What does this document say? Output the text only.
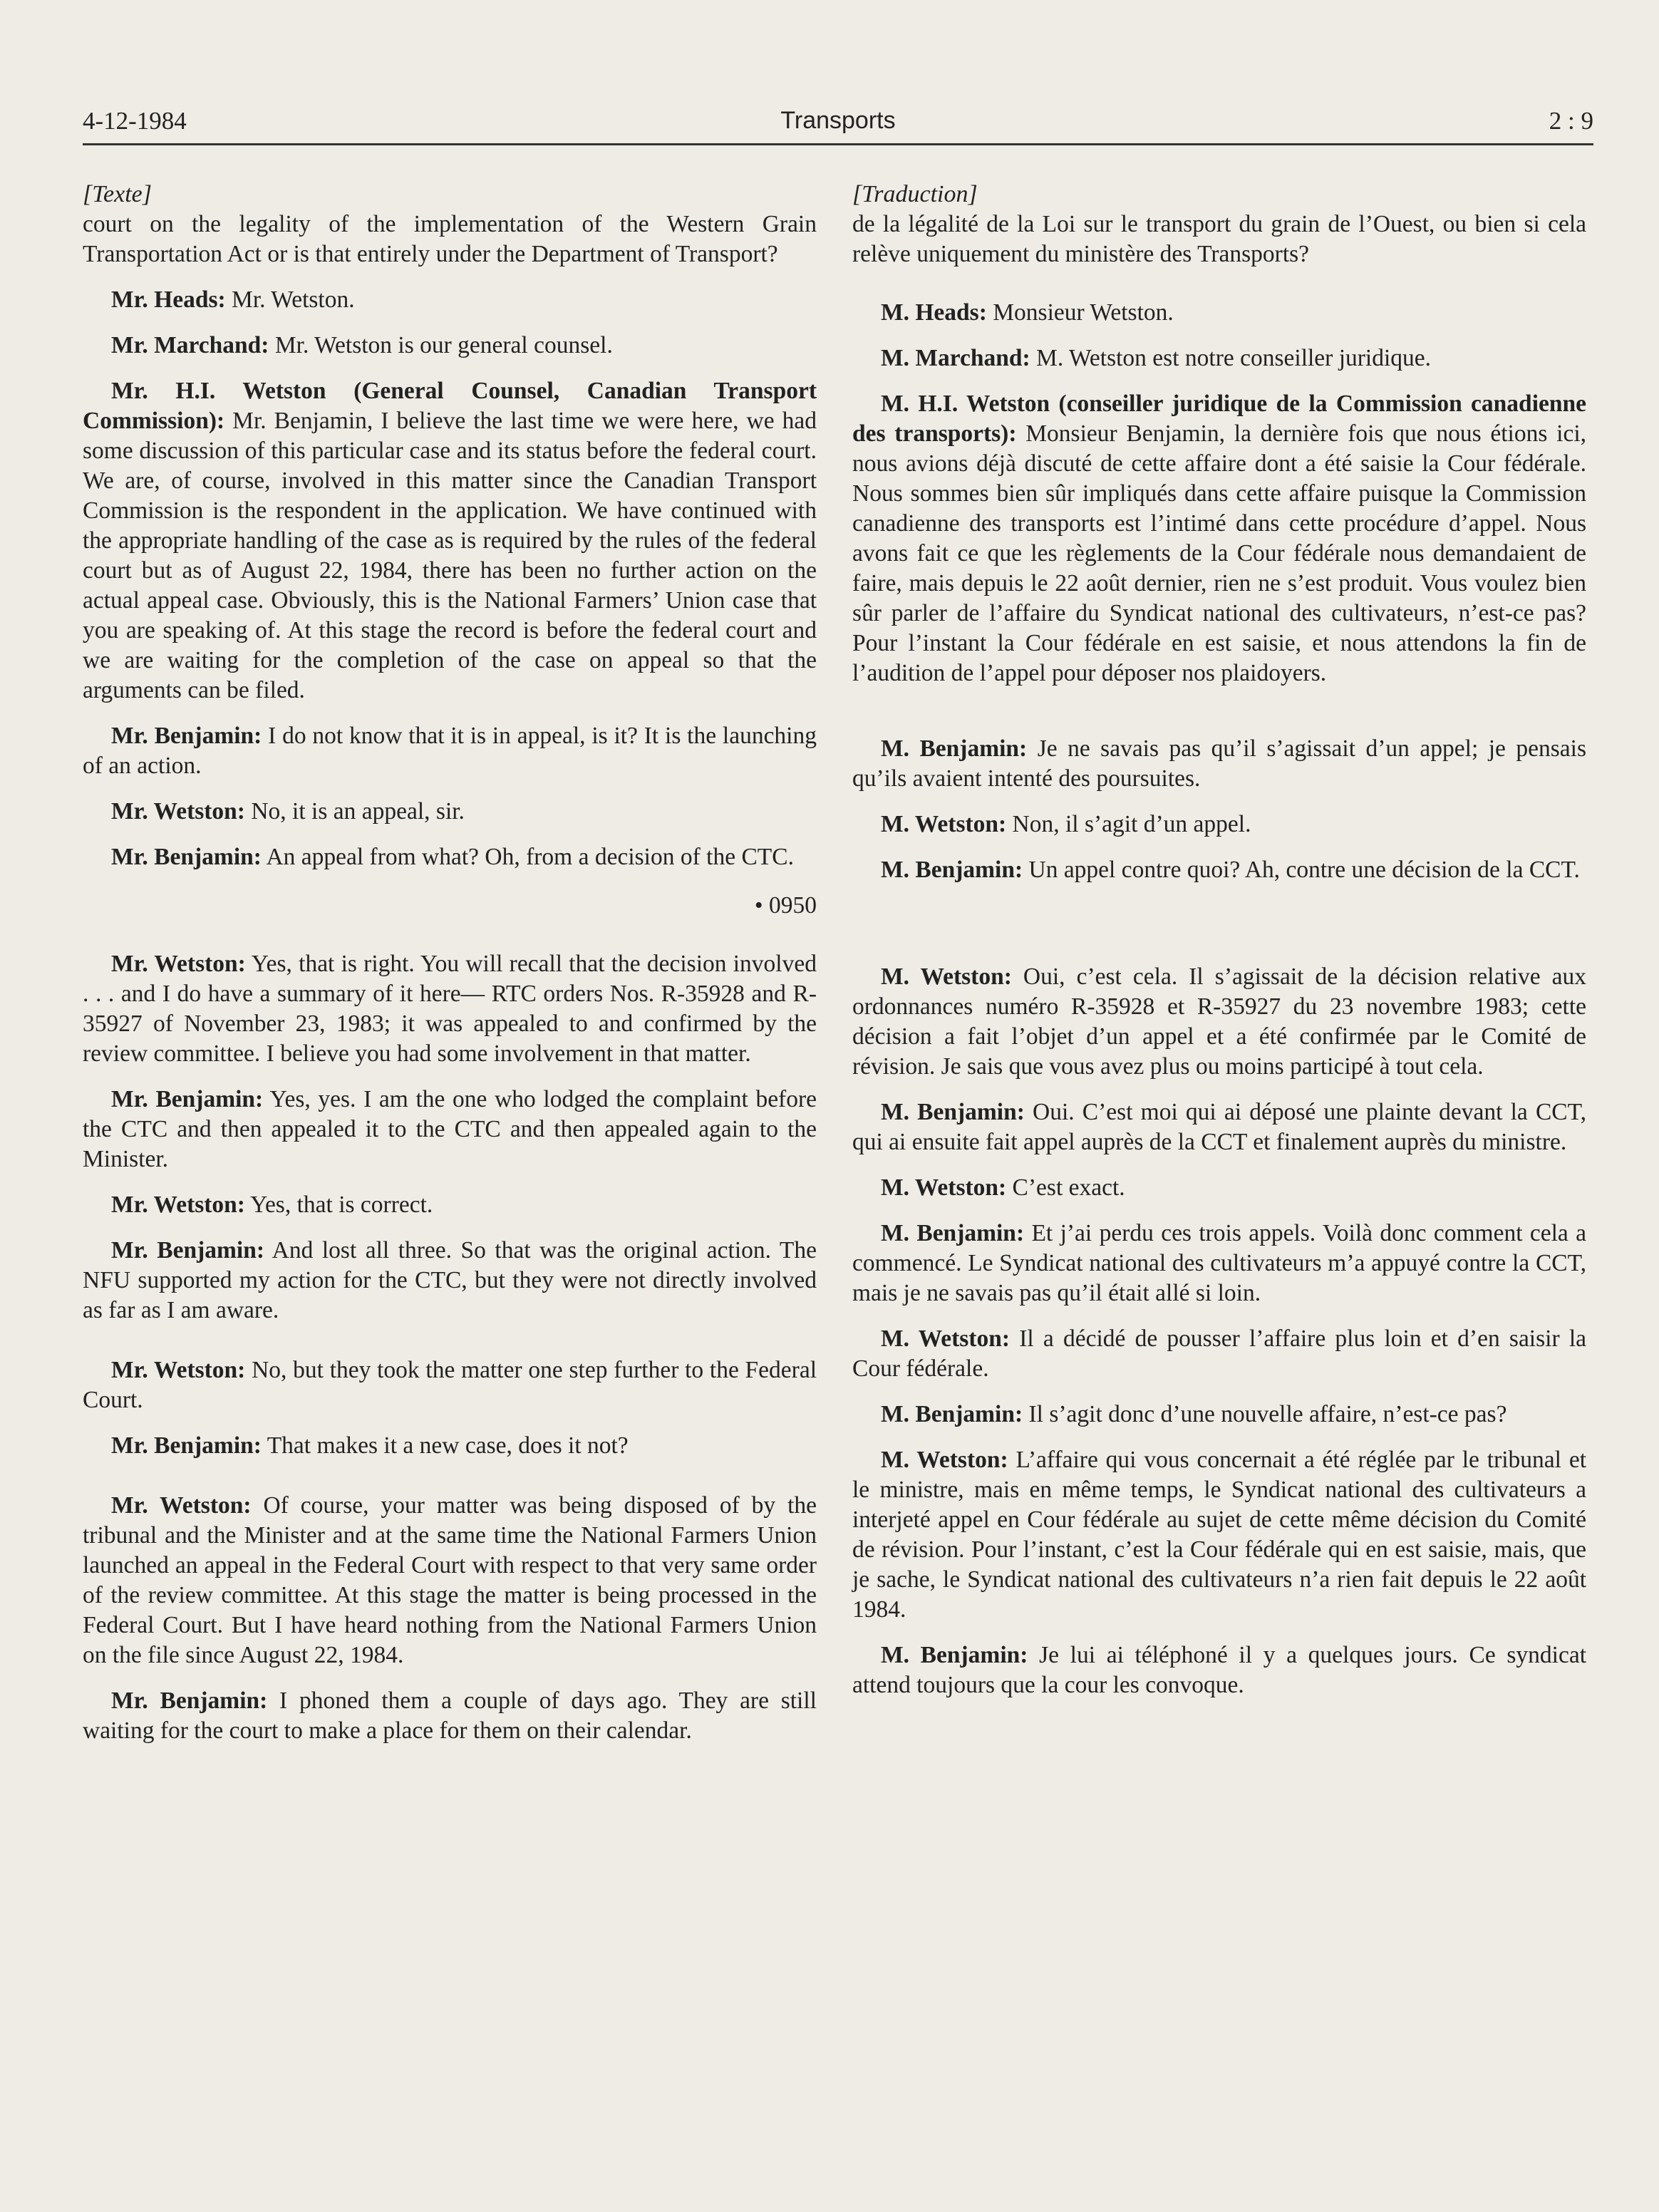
4-12-1984	Transports	2 : 9
[Texte]

court on the legality of the implementation of the Western Grain Transportation Act or is that entirely under the Department of Transport?

Mr. Heads: Mr. Wetston.

Mr. Marchand: Mr. Wetston is our general counsel.

Mr. H.I. Wetston (General Counsel, Canadian Transport Commission): Mr. Benjamin, I believe the last time we were here, we had some discussion of this particular case and its status before the federal court. We are, of course, involved in this matter since the Canadian Transport Commission is the respondent in the application. We have continued with the appropriate handling of the case as is required by the rules of the federal court but as of August 22, 1984, there has been no further action on the actual appeal case. Obviously, this is the National Farmers’ Union case that you are speaking of. At this stage the record is before the federal court and we are waiting for the completion of the case on appeal so that the arguments can be filed.

Mr. Benjamin: I do not know that it is in appeal, is it? It is the launching of an action.

Mr. Wetston: No, it is an appeal, sir.

Mr. Benjamin: An appeal from what? Oh, from a decision of the CTC.

• 0950

Mr. Wetston: Yes, that is right. You will recall that the decision involved . . . and I do have a summary of it here— RTC orders Nos. R-35928 and R-35927 of November 23, 1983; it was appealed to and confirmed by the review committee. I believe you had some involvement in that matter.

Mr. Benjamin: Yes, yes. I am the one who lodged the complaint before the CTC and then appealed it to the CTC and then appealed again to the Minister.

Mr. Wetston: Yes, that is correct.

Mr. Benjamin: And lost all three. So that was the original action. The NFU supported my action for the CTC, but they were not directly involved as far as I am aware.

Mr. Wetston: No, but they took the matter one step further to the Federal Court.

Mr. Benjamin: That makes it a new case, does it not?

Mr. Wetston: Of course, your matter was being disposed of by the tribunal and the Minister and at the same time the National Farmers Union launched an appeal in the Federal Court with respect to that very same order of the review committee. At this stage the matter is being processed in the Federal Court. But I have heard nothing from the National Farmers Union on the file since August 22, 1984.

Mr. Benjamin: I phoned them a couple of days ago. They are still waiting for the court to make a place for them on their calendar.

[Traduction]

de la légalité de la Loi sur le transport du grain de l’Ouest, ou bien si cela relève uniquement du ministère des Transports?

M. Heads: Monsieur Wetston.

M. Marchand: M. Wetston est notre conseiller juridique.

M. H.I. Wetston (conseiller juridique de la Commission canadienne des transports): Monsieur Benjamin, la dernière fois que nous étions ici, nous avions déjà discuté de cette affaire dont a été saisie la Cour fédérale. Nous sommes bien sûr impliqués dans cette affaire puisque la Commission canadienne des transports est l’intimé dans cette procédure d’appel. Nous avons fait ce que les règlements de la Cour fédérale nous demandaient de faire, mais depuis le 22 août dernier, rien ne s’est produit. Vous voulez bien sûr parler de l’affaire du Syndicat national des cultivateurs, n’est-ce pas? Pour l’instant la Cour fédérale en est saisie, et nous attendons la fin de l’audition de l’appel pour déposer nos plaidoyers.

M. Benjamin: Je ne savais pas qu’il s’agissait d’un appel; je pensais qu’ils avaient intenté des poursuites.

M. Wetston: Non, il s’agit d’un appel.

M. Benjamin: Un appel contre quoi? Ah, contre une décision de la CCT.

M. Wetston: Oui, c’est cela. Il s’agissait de la décision relative aux ordonnances numéro R-35928 et R-35927 du 23 novembre 1983; cette décision a fait l’objet d’un appel et a été confirmée par le Comité de révision. Je sais que vous avez plus ou moins participé à tout cela.

M. Benjamin: Oui. C’est moi qui ai déposé une plainte devant la CCT, qui ai ensuite fait appel auprès de la CCT et finalement auprès du ministre.

M. Wetston: C’est exact.

M. Benjamin: Et j’ai perdu ces trois appels. Voilà donc comment cela a commencé. Le Syndicat national des cultivateurs m’a appuyé contre la CCT, mais je ne savais pas qu’il était allé si loin.

M. Wetston: Il a décidé de pousser l’affaire plus loin et d’en saisir la Cour fédérale.

M. Benjamin: Il s’agit donc d’une nouvelle affaire, n’est-ce pas?

M. Wetston: L’affaire qui vous concernait a été réglée par le tribunal et le ministre, mais en même temps, le Syndicat national des cultivateurs a interjeté appel en Cour fédérale au sujet de cette même décision du Comité de révision. Pour l’instant, c’est la Cour fédérale qui en est saisie, mais, que je sache, le Syndicat national des cultivateurs n’a rien fait depuis le 22 août 1984.

M. Benjamin: Je lui ai téléphoné il y a quelques jours. Ce syndicat attend toujours que la cour les convoque.
